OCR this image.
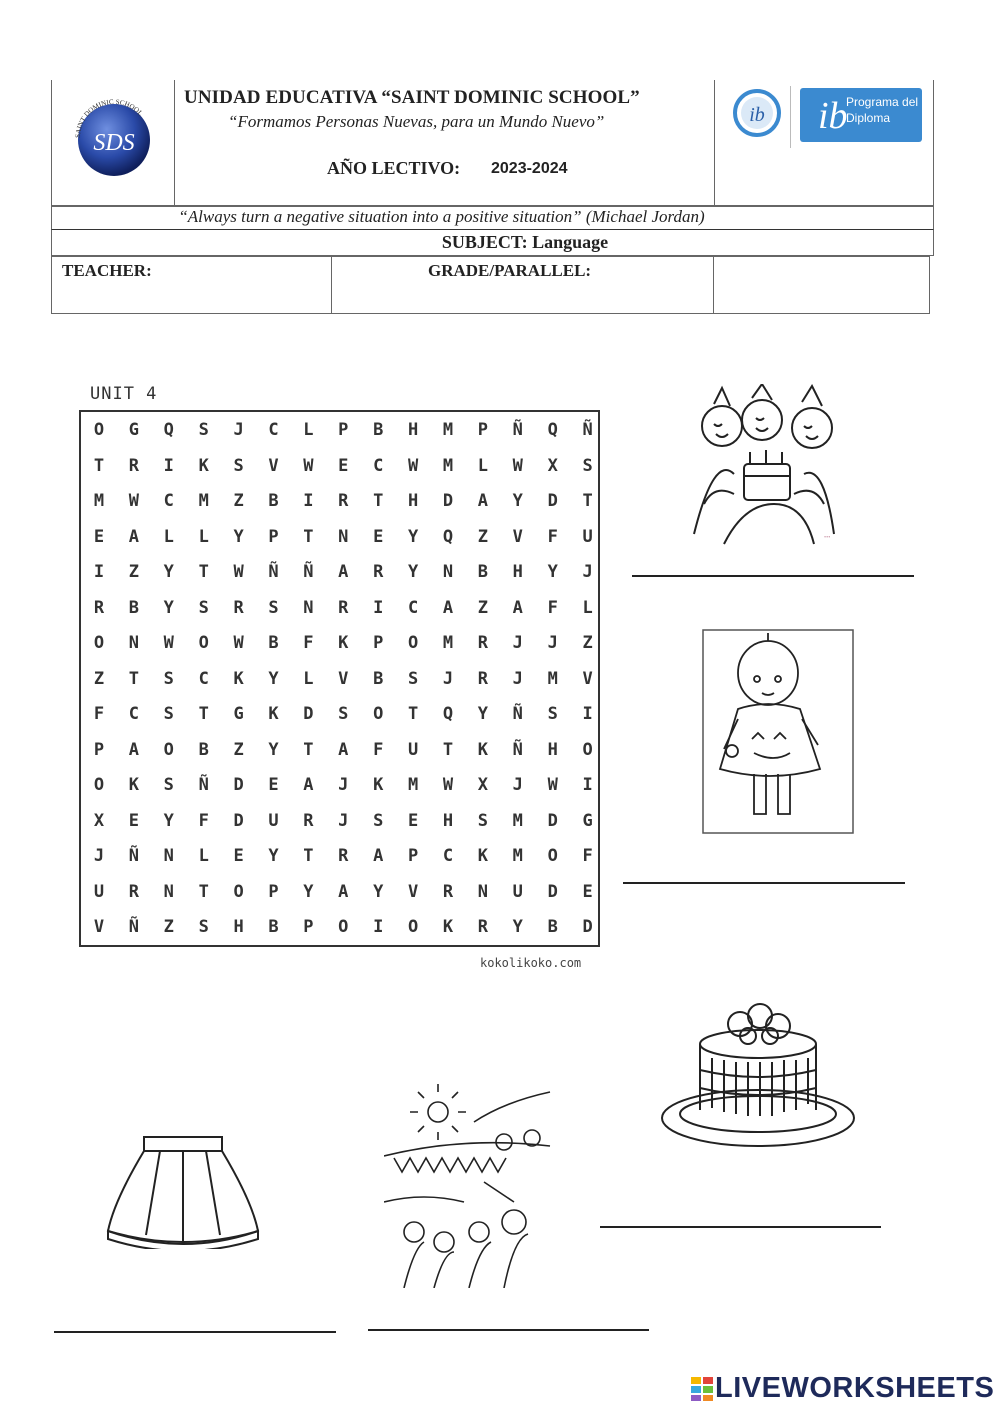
SAINT DOMINIC SCHOOL
SDS
UNIDAD EDUCATIVA “SAINT DOMINIC SCHOOL”
“Formamos Personas Nuevas, para un Mundo Nuevo”
AÑO LECTIVO: 2023-2024
ib ib
Programa del Diploma
“Always turn a negative situation into a positive situation” (Michael Jordan)
SUBJECT: Language
TEACHER:	GRADE/PARALLEL:
UNIT 4
O	G	Q	S	J	C	L	P	B	H	M	P	Ñ	Q	Ñ
T	R	I	K	S	V	W	E	C	W	M	L	W	X	S
M	W	C	M	Z	B	I	R	T	H	D	A	Y	D	T
E	A	L	L	Y	P	T	N	E	Y	Q	Z	V	F	U
I	Z	Y	T	W	Ñ	Ñ	A	R	Y	N	B	H	Y	J
R	B	Y	S	R	S	N	R	I	C	A	Z	A	F	L
O	N	W	O	W	B	F	K	P	O	M	R	J	J	Z
Z	T	S	C	K	Y	L	V	B	S	J	R	J	M	V
F	C	S	T	G	K	D	S	O	T	Q	Y	Ñ	S	I
P	A	O	B	Z	Y	T	A	F	U	T	K	Ñ	H	O
O	K	S	Ñ	D	E	A	J	K	M	W	X	J	W	I
X	E	Y	F	D	U	R	J	S	E	H	S	M	D	G
J	Ñ	N	L	E	Y	T	R	A	P	C	K	M	O	F
U	R	N	T	O	P	Y	A	Y	V	R	N	U	D	E
V	Ñ	Z	S	H	B	P	O	I	O	K	R	Y	B	D
kokolikoko.com
•••
LIVEWORKSHEETS
